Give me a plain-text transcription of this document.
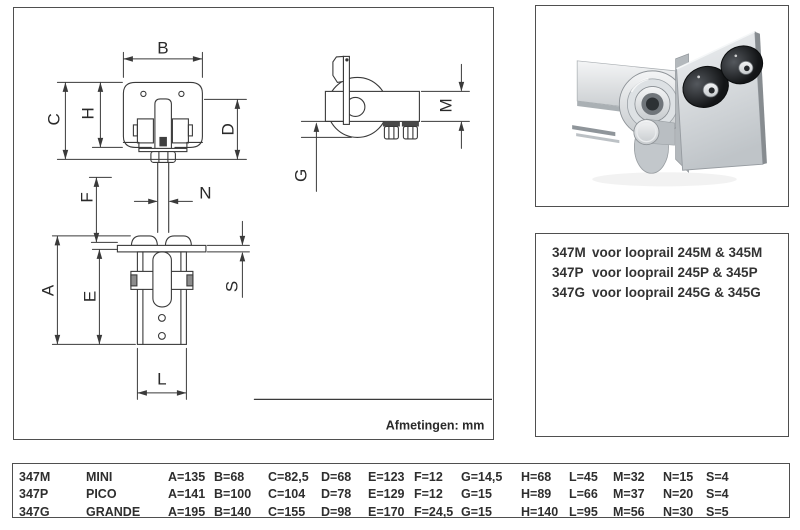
B
C H
D
F	N
M
G
A
E
S
L
Afmetingen: mm
347M voor looprail 245M & 345M
347P voor looprail 245P & 345P
347G voor looprail 245G & 345G
347M	MINI	A=135 B=68	C=82,5 D=68	E=123 F=12	G=14,5	H=68	L=45	M=32	N=15	S=4
347P	PICO	A=141 B=100	C=104	D=78	E=129 F=12	G=15	H=89	L=66	M=37	N=20	S=4
347G	GRANDE	A=195 B=140	C=155	D=98	E=170 F=24,5 G=15	H=140 L=95	M=56	N=30	S=5
